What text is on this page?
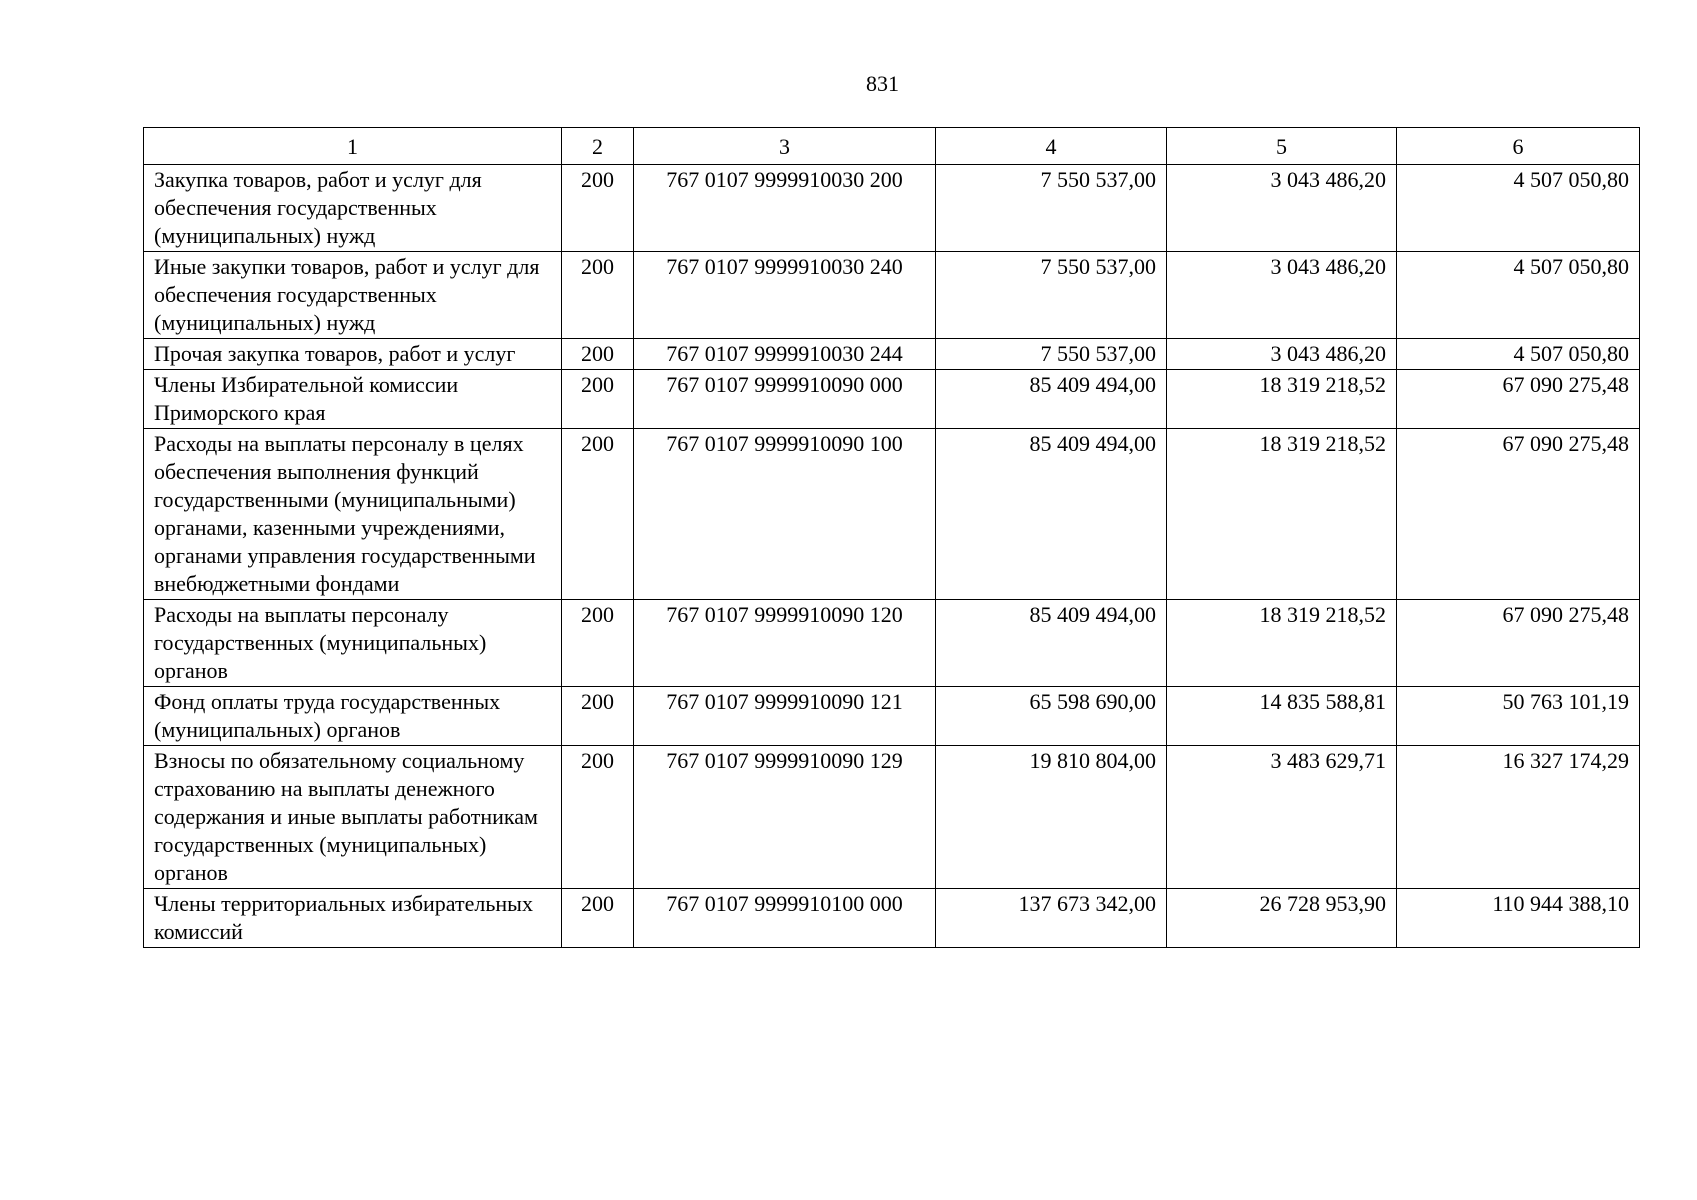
831
1	2	3	4	5	6
Закупка товаров, работ и услуг для обеспечения государственных (муниципальных) нужд	200	767 0107 9999910030 200	7 550 537,00	3 043 486,20	4 507 050,80
Иные закупки товаров, работ и услуг для обеспечения государственных (муниципальных) нужд	200	767 0107 9999910030 240	7 550 537,00	3 043 486,20	4 507 050,80
Прочая закупка товаров, работ и услуг	200	767 0107 9999910030 244	7 550 537,00	3 043 486,20	4 507 050,80
Члены Избирательной комиссии Приморского края	200	767 0107 9999910090 000	85 409 494,00	18 319 218,52	67 090 275,48
Расходы на выплаты персоналу в целях обеспечения выполнения функций государственными (муниципальными) органами, казенными учреждениями, органами управления государственными внебюджетными фондами	200	767 0107 9999910090 100	85 409 494,00	18 319 218,52	67 090 275,48
Расходы на выплаты персоналу государственных (муниципальных) органов	200	767 0107 9999910090 120	85 409 494,00	18 319 218,52	67 090 275,48
Фонд оплаты труда государственных (муниципальных) органов	200	767 0107 9999910090 121	65 598 690,00	14 835 588,81	50 763 101,19
Взносы по обязательному социальному страхованию на выплаты денежного содержания и иные выплаты работникам государственных (муниципальных) органов	200	767 0107 9999910090 129	19 810 804,00	3 483 629,71	16 327 174,29
Члены территориальных избирательных комиссий	200	767 0107 9999910100 000	137 673 342,00	26 728 953,90	110 944 388,10
